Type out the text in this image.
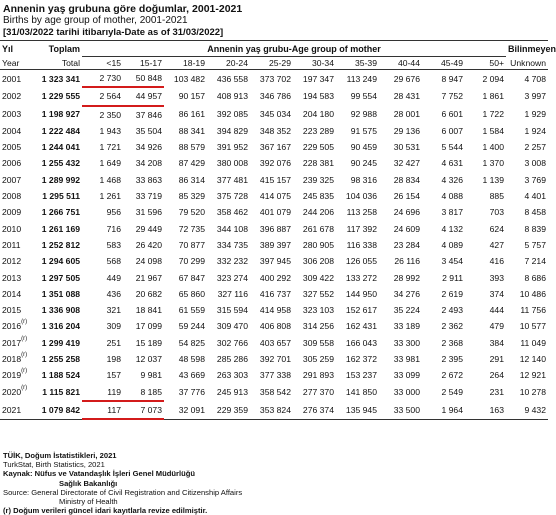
Annenin yaş grubuna göre doğumlar, 2001-2021
Births by age group of mother, 2001-2021
[31/03/2022 tarihi itibarıyla-Date as of 31/03/2022]
Yıl	Toplam	Annenin yaş grubu-Age group of mother										Bilinmeyen
Year	Total	<15	15-17	18-19	20-24	25-29	30-34	35-39	40-44	45-49	50+	Unknown
2001	1 323 341	2 730	50 848	103 482	436 558	373 702	197 347	113 249	29 676	8 947	2 094	4 708
2002	1 229 555	2 564	44 957	90 157	408 913	346 786	194 583	99 554	28 431	7 752	1 861	3 997
2003	1 198 927	2 350	37 846	86 161	392 085	345 034	204 180	92 988	28 001	6 601	1 722	1 929
2004	1 222 484	1 943	35 504	88 341	394 829	348 352	223 289	91 575	29 136	6 007	1 584	1 924
2005	1 244 041	1 721	34 926	88 579	391 952	367 167	229 505	90 459	30 531	5 544	1 400	2 257
2006	1 255 432	1 649	34 208	87 429	380 008	392 076	228 381	90 245	32 427	4 631	1 370	3 008
2007	1 289 992	1 468	33 863	86 314	377 481	415 157	239 325	98 316	28 834	4 326	1 139	3 769
2008	1 295 511	1 261	33 719	85 329	375 728	414 075	245 835	104 036	26 154	4 088	885	4 401
2009	1 266 751	956	31 596	79 520	358 462	401 079	244 206	113 258	24 696	3 817	703	8 458
2010	1 261 169	716	29 449	72 735	344 108	396 887	261 678	117 392	24 609	4 132	624	8 839
2011	1 252 812	583	26 420	70 877	334 735	389 397	280 905	116 338	23 284	4 089	427	5 757
2012	1 294 605	568	24 098	70 299	332 232	397 945	306 208	126 055	26 116	3 454	416	7 214
2013	1 297 505	449	21 967	67 847	323 274	400 292	309 422	133 272	28 992	2 911	393	8 686
2014	1 351 088	436	20 682	65 860	327 116	416 737	327 552	144 950	34 276	2 619	374	10 486
2015	1 336 908	321	18 841	61 559	315 594	414 958	323 103	152 617	35 224	2 493	444	11 756
2016$^{(r)}$	1 316 204	309	17 099	59 244	309 470	406 808	314 256	162 431	33 189	2 362	479	10 577
2017$^{(r)}$	1 299 419	251	15 189	54 825	302 766	403 657	309 558	166 043	33 300	2 368	384	11 049
2018$^{(r)}$	1 255 258	198	12 037	48 598	285 286	392 701	305 259	162 372	33 981	2 395	291	12 140
2019$^{(r)}$	1 188 524	157	9 981	43 669	263 303	377 338	291 893	153 237	33 099	2 672	264	12 921
2020$^{(r)}$	1 115 821	119	8 185	37 776	245 913	358 542	277 370	141 850	33 000	2 549	231	10 278
2021	1 079 842	117	7 073	32 091	229 359	353 824	276 374	135 945	33 500	1 964	163	9 432
TÜİK, Doğum İstatistikleri, 2021
TurkStat, Birth Statistics, 2021
Kaynak: Nüfus ve Vatandaşlık İşleri Genel Müdürlüğü
Sağlık Bakanlığı
Source: General Directorate of Civil Registration and Citizenship Affairs
Ministry of Health
(r) Doğum verileri güncel idari kayıtlarla revize edilmiştir.
